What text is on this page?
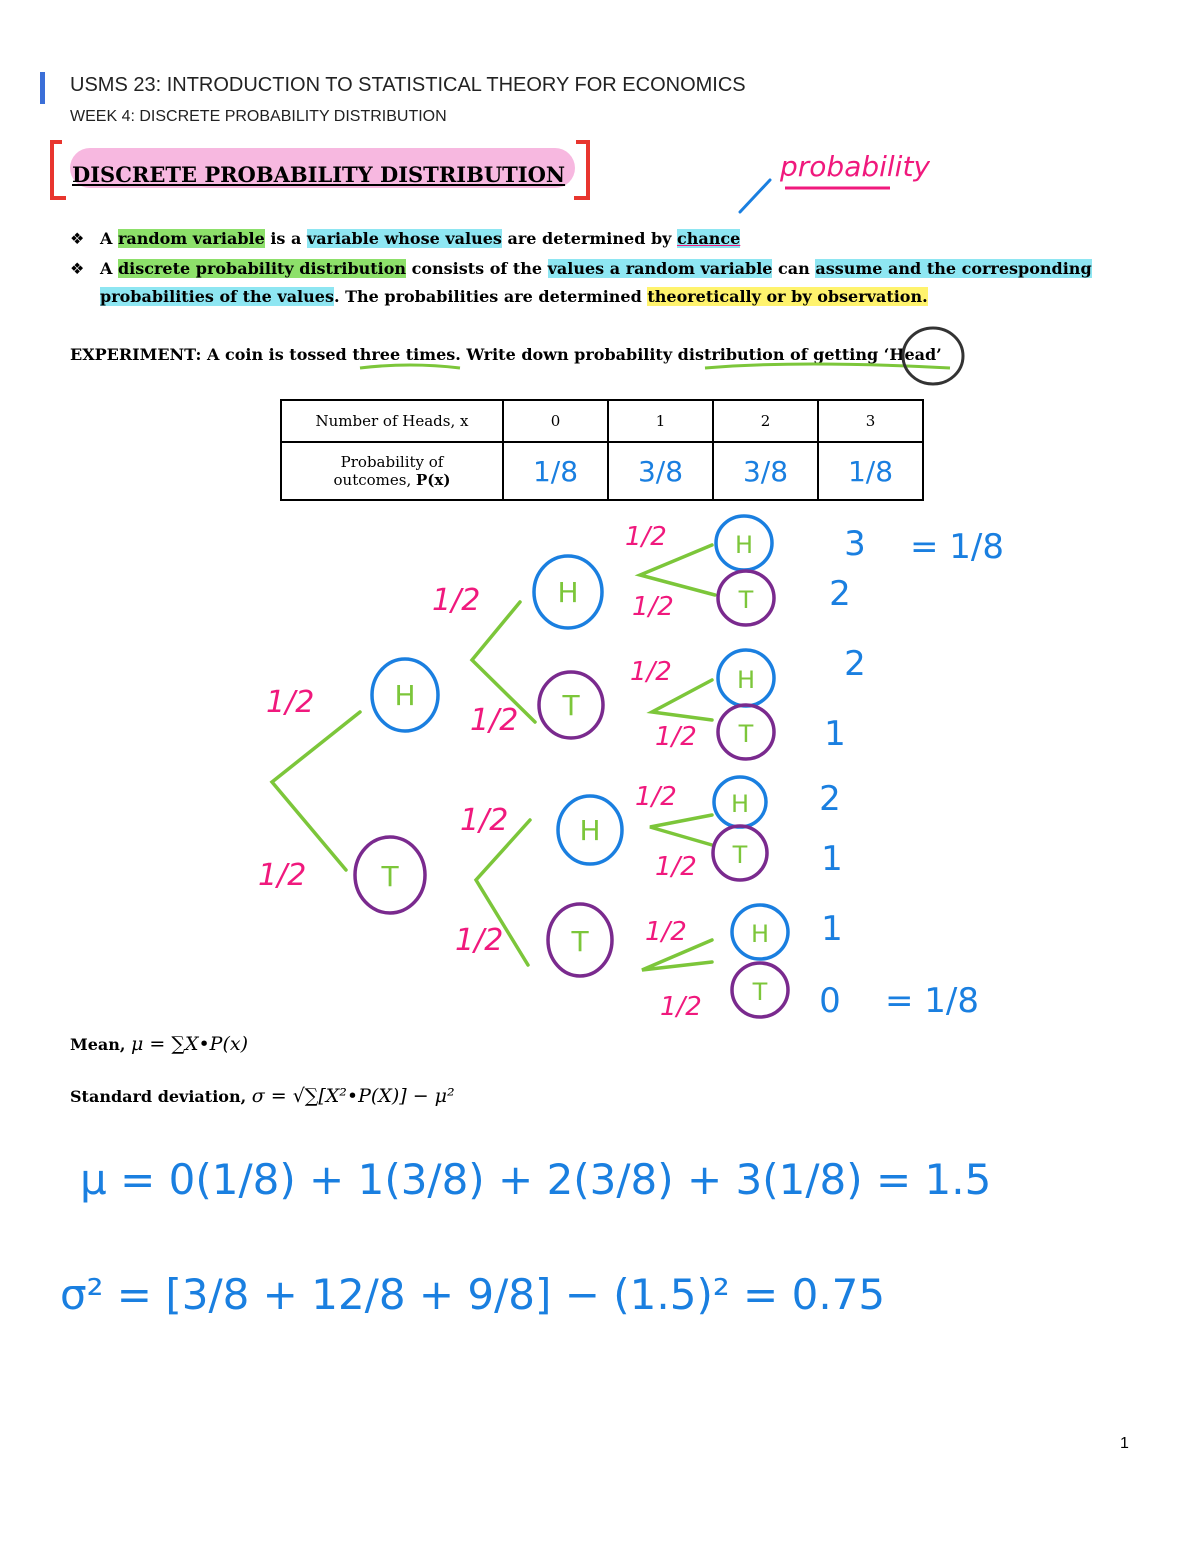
USMS 23: INTRODUCTION TO STATISTICAL THEORY FOR ECONOMICS
WEEK 4: DISCRETE PROBABILITY DISTRIBUTION
DISCRETE PROBABILITY DISTRIBUTION	probability
❖ A random variable is a variable whose values are determined by chance
❖ A discrete probability distribution consists of the values a random variable can assume and the corresponding
probabilities of the values. The probabilities are determined theoretically or by observation.
EXPERIMENT: A coin is tossed three times. Write down probability distribution of getting ‘Head’
Number of Heads, x	0	1	2	3
Probability of
outcomes, P(x)	1/8	3/8	3/8	1/8
H
T
H
T
H
T
H
T
H
T
H
T
H
T
1/2
1/2
1/2
1/2
1/2
1/2
1/2
1/2
1/2
1/2
1/2
1/2
1/2
1/2
3
2
2
1
2
1
1
0
= 1/8
= 1/8
Mean, μ = ∑X•P(x)
Standard deviation, σ = √∑[X²•P(X)] − μ²
μ = 0(1/8) + 1(3/8) + 2(3/8) + 3(1/8) = 1.5
σ² = [3/8 + 12/8 + 9/8] − (1.5)² = 0.75
1
